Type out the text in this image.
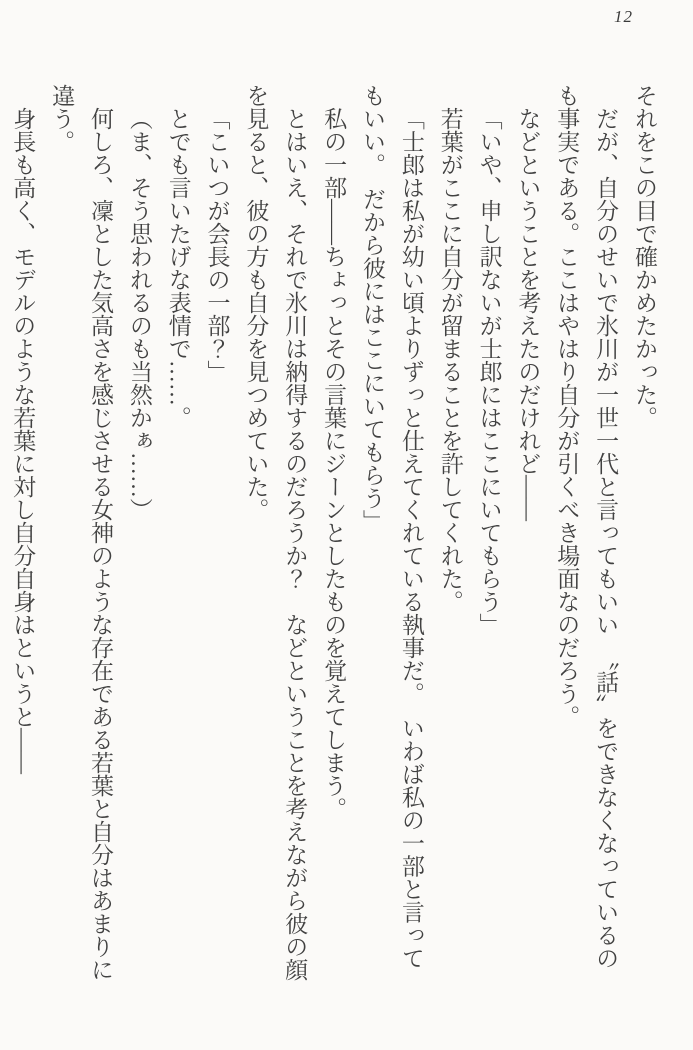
12

それをこの目で確かめたかった。

だが、自分のせいで氷川が一世一代と言ってもいい　〝話〟をできなくなっているのも事実である。ここはやはり自分が引くべき場面なのだろう。

などということを考えたのだけれど——

「いや、申し訳ないが士郎にはここにいてもらう」

若葉がここに自分が留まることを許してくれた。

「士郎は私が幼い頃よりずっと仕えてくれている執事だ。　いわば私の一部と言ってもいい。　だから彼にはここにいてもらう」

私の一部——ちょっとその言葉にジーンとしたものを覚えてしまう。

とはいえ、それで氷川は納得するのだろうか？　などということを考えながら彼の顔を見ると、彼の方も自分を見つめていた。

「こいつが会長の一部？」

とでも言いたげな表情で……。

（ま、そう思われるのも当然かぁ……）

何しろ、凜とした気高さを感じさせる女神のような存在である若葉と自分はあまりに違う。

身長も高く、モデルのような若葉に対し自分自身はというと——
